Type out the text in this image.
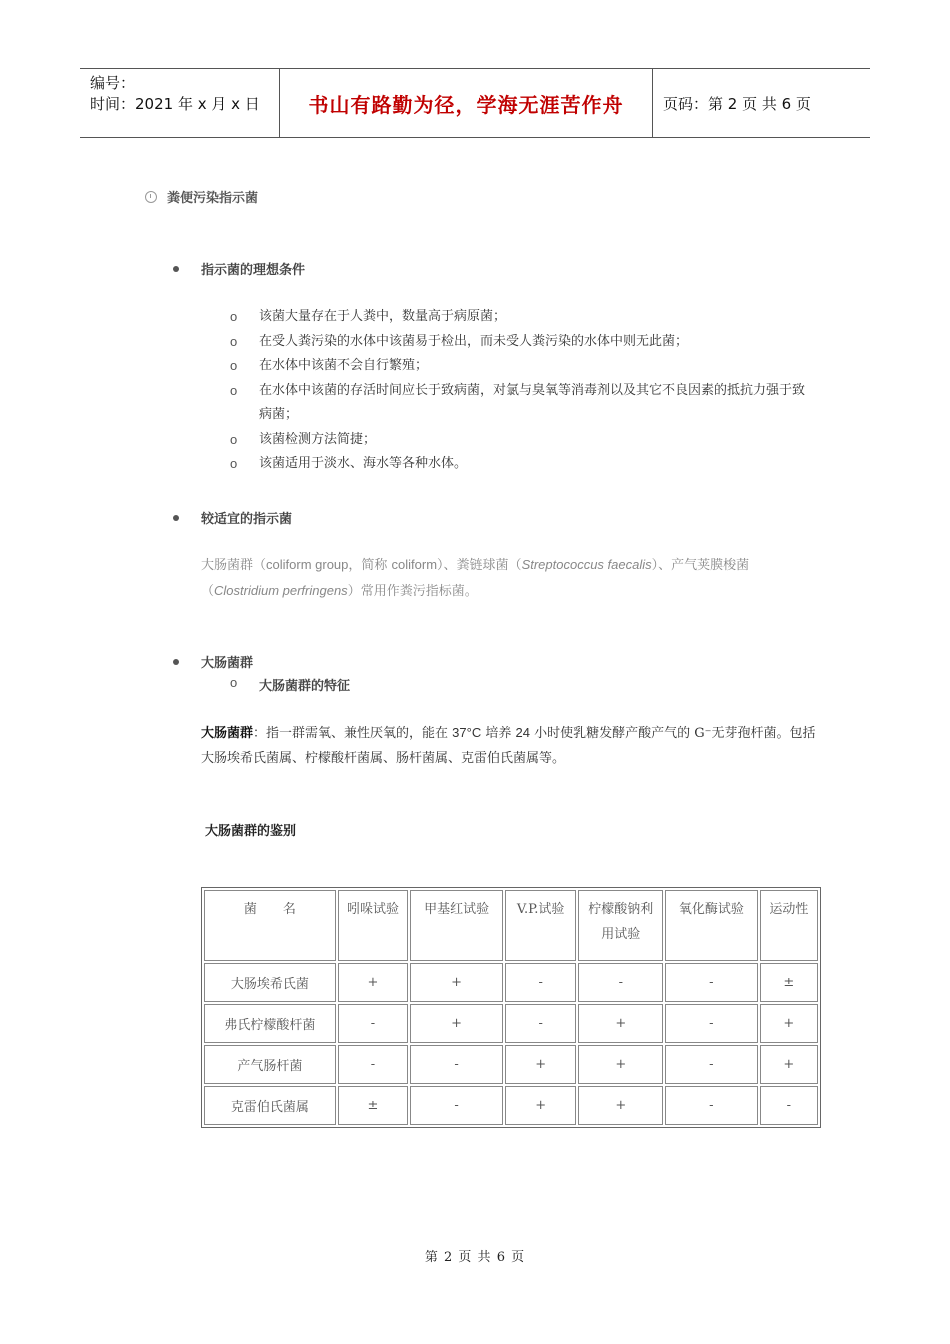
编号：
时间：2021 年 x 月 x 日	书山有路勤为径，学海无涯苦作舟	页码：第 2 页 共 6 页
粪便污染指示菌
指示菌的理想条件
o	该菌大量存在于人粪中，数量高于病原菌；
o	在受人粪污染的水体中该菌易于检出，而未受人粪污染的水体中则无此菌；
o	在水体中该菌不会自行繁殖；
o	在水体中该菌的存活时间应长于致病菌，对氯与臭氧等消毒剂以及其它不良因素的抵抗力强于致病菌；
o	该菌检测方法简捷；
o	该菌适用于淡水、海水等各种水体。
较适宜的指示菌
大肠菌群（coliform group，简称 coliform）、粪链球菌（Streptococcus faecalis）、产气荚膜梭菌（Clostridium perfringens）常用作粪污指标菌。
大肠菌群
o	大肠菌群的特征
大肠菌群：指一群需氧、兼性厌氧的，能在 37°C 培养 24 小时使乳糖发酵产酸产气的 G⁻无芽孢杆菌。包括大肠埃希氏菌属、柠檬酸杆菌属、肠杆菌属、克雷伯氏菌属等。
大肠菌群的鉴别
菌　　名	吲哚试验	甲基红试验	V.P.试验	柠檬酸钠利用试验	氧化酶试验	运动性
大肠埃希氏菌	+	+	-	-	-	±
弗氏柠檬酸杆菌	-	+	-	+	-	+
产气肠杆菌	-	-	+	+	-	+
克雷伯氏菌属	±	-	+	+	-	-
第 2 页 共 6 页
